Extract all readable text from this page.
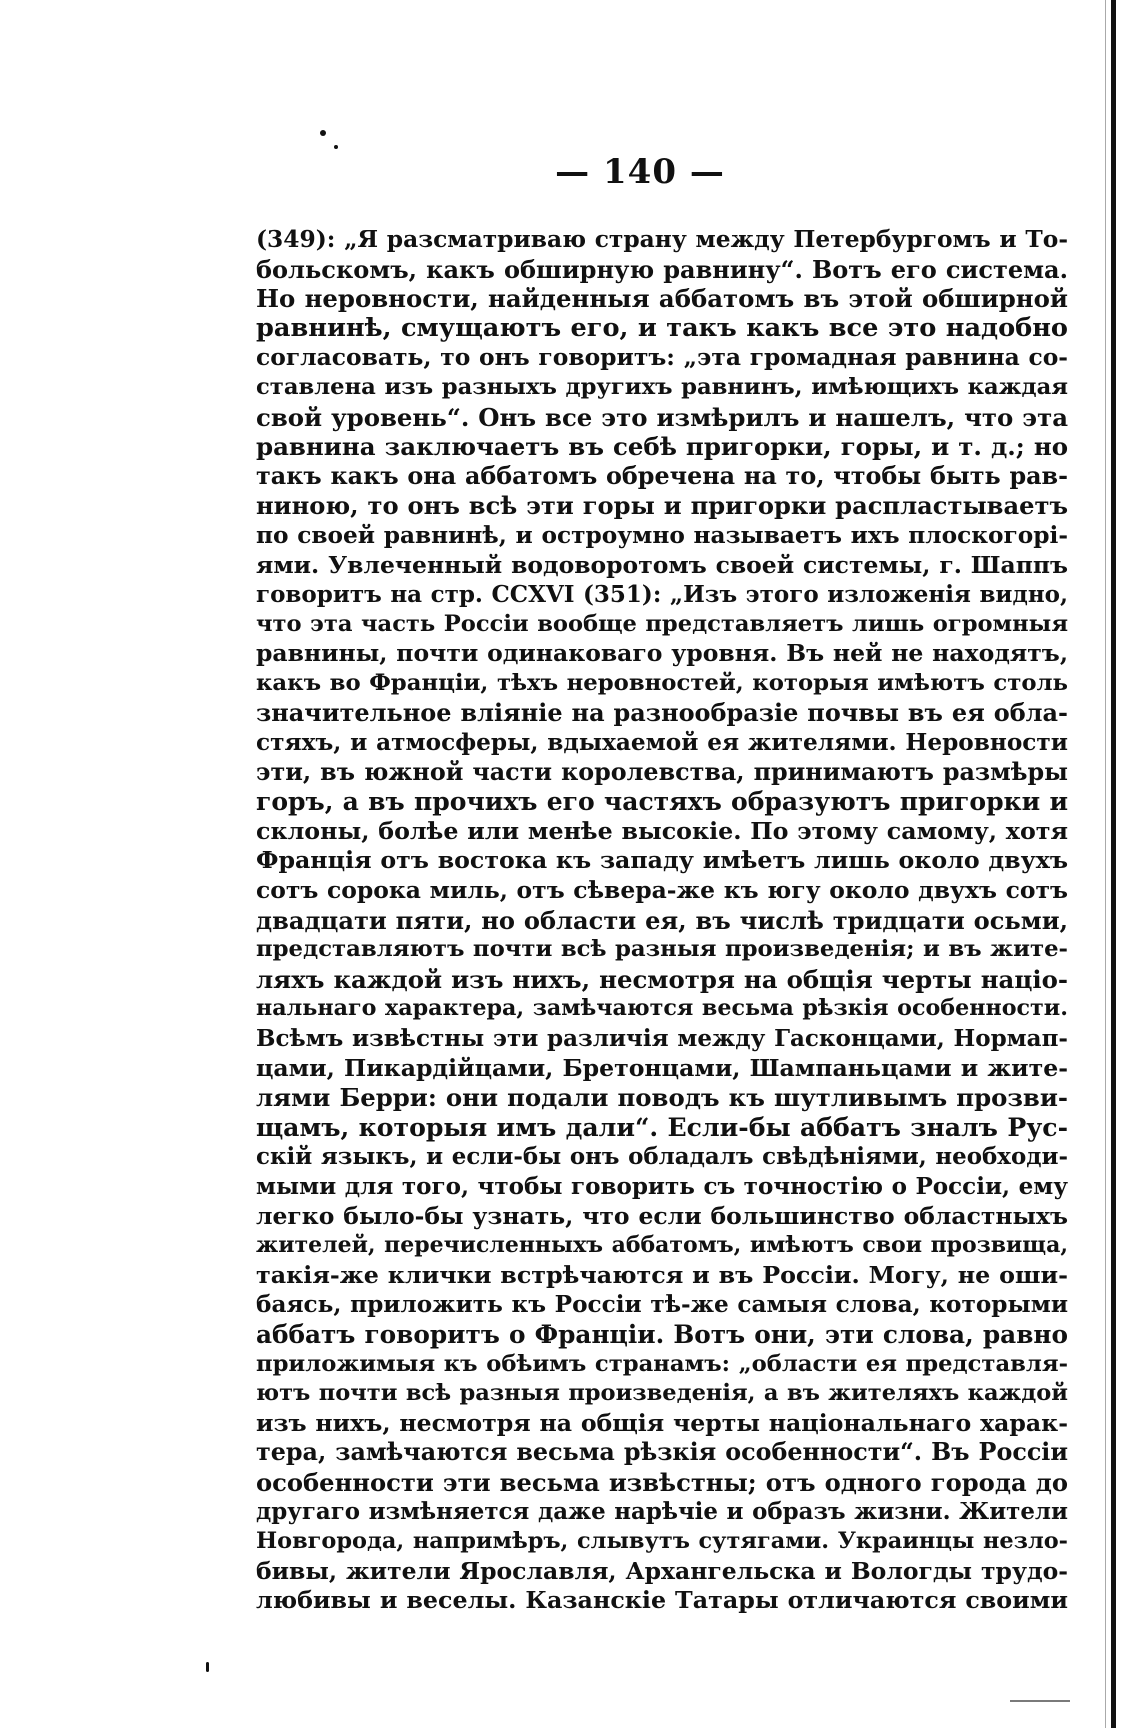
— 140 —
(349): „Я разсматриваю страну между Петербургомъ и То-
больскомъ, какъ обширную равнину“. Вотъ его система.
Но неровности, найденныя аббатомъ въ этой обширной
равнинѣ, смущаютъ его, и такъ какъ все это надобно
согласовать, то онъ говоритъ: „эта громадная равнина со-
ставлена изъ разныхъ другихъ равнинъ, имѣющихъ каждая
свой уровень“. Онъ все это измѣрилъ и нашелъ, что эта
равнина заключаетъ въ себѣ пригорки, горы, и т. д.; но
такъ какъ она аббатомъ обречена на то, чтобы быть рав-
ниною, то онъ всѣ эти горы и пригорки распластываетъ
по своей равнинѣ, и остроумно называетъ ихъ плоскогорі-
ями. Увлеченный водоворотомъ своей системы, г. Шаппъ
говоритъ на стр. CCXVI (351): „Изъ этого изложенія видно,
что эта часть Россіи вообще представляетъ лишь огромныя
равнины, почти одинаковаго уровня. Въ ней не находятъ,
какъ во Франціи, тѣхъ неровностей, которыя имѣютъ столь
значительное вліяніе на разнообразіе почвы въ ея обла-
стяхъ, и атмосферы, вдыхаемой ея жителями. Неровности
эти, въ южной части королевства, принимаютъ размѣры
горъ, а въ прочихъ его частяхъ образуютъ пригорки и
склоны, болѣе или менѣе высокіе. По этому самому, хотя
Франція отъ востока къ западу имѣетъ лишь около двухъ
сотъ сорока миль, отъ сѣвера-же къ югу около двухъ сотъ
двадцати пяти, но области ея, въ числѣ тридцати осьми,
представляютъ почти всѣ разныя произведенія; и въ жите-
ляхъ каждой изъ нихъ, несмотря на общія черты націо-
нальнаго характера, замѣчаются весьма рѣзкія особенности.
Всѣмъ извѣстны эти различія между Гасконцами, Нормап-
цами, Пикардійцами, Бретонцами, Шампаньцами и жите-
лями Берри: они подали поводъ къ шутливымъ прозви-
щамъ, которыя имъ дали“. Если-бы аббатъ зналъ Рус-
скій языкъ, и если-бы онъ обладалъ свѣдѣніями, необходи-
мыми для того, чтобы говорить съ точностію о Россіи, ему
легко было-бы узнать, что если большинство областныхъ
жителей, перечисленныхъ аббатомъ, имѣютъ свои прозвища,
такія-же клички встрѣчаются и въ Россіи. Могу, не оши-
баясь, приложить къ Россіи тѣ-же самыя слова, которыми
аббатъ говоритъ о Франціи. Вотъ они, эти слова, равно
приложимыя къ обѣимъ странамъ: „области ея представля-
ютъ почти всѣ разныя произведенія, а въ жителяхъ каждой
изъ нихъ, несмотря на общія черты національнаго харак-
тера, замѣчаются весьма рѣзкія особенности“. Въ Россіи
особенности эти весьма извѣстны; отъ одного города до
другаго измѣняется даже нарѣчіе и образъ жизни. Жители
Новгорода, напримѣръ, слывутъ сутягами. Украинцы незло-
бивы, жители Ярославля, Архангельска и Вологды трудо-
любивы и веселы. Казанскіе Татары отличаются своими
